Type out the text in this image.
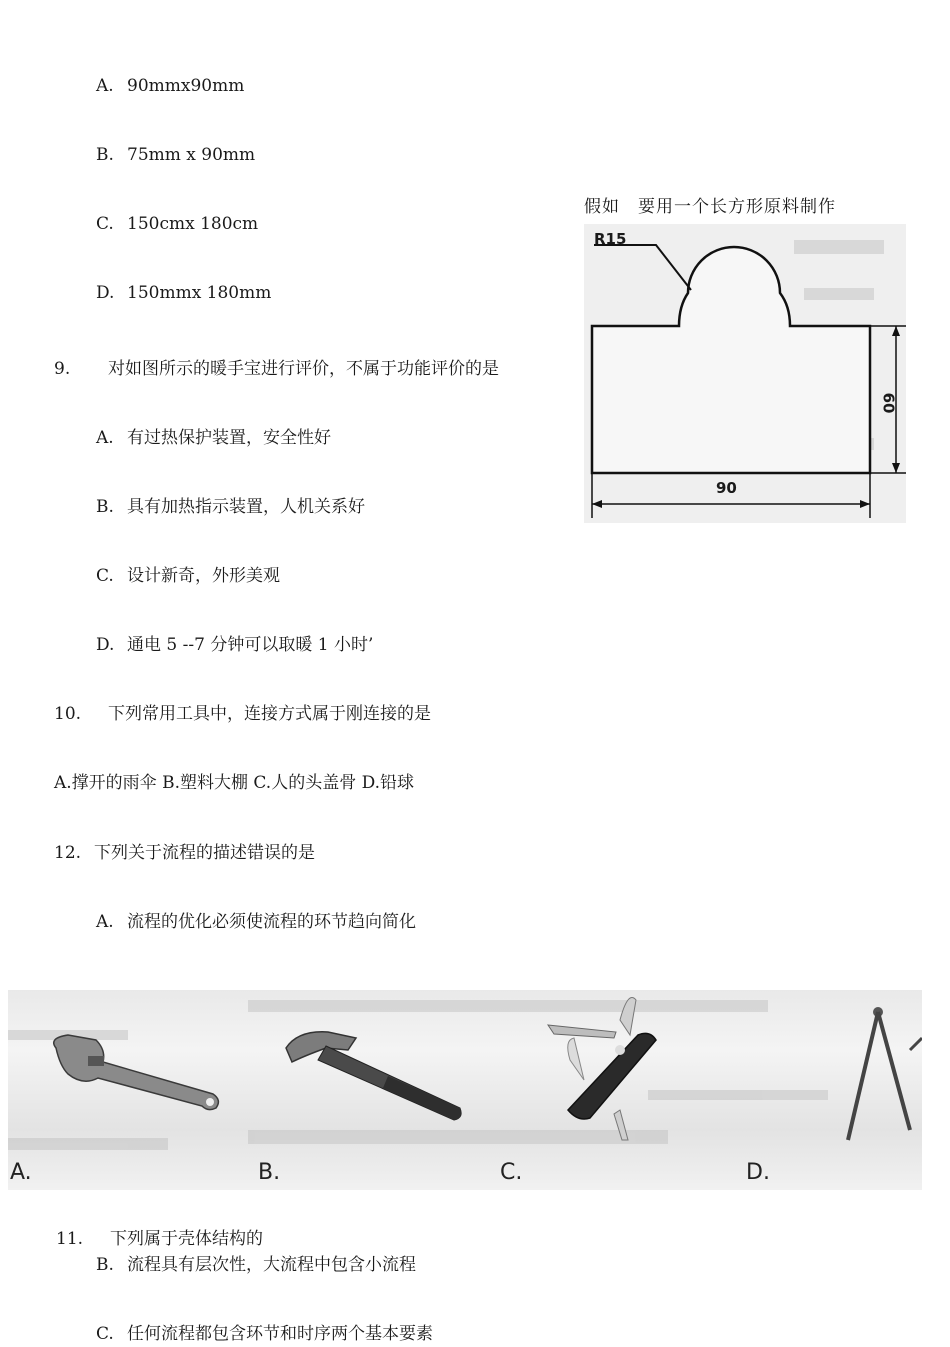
A. 90mmx90mm
B. 75mm x 90mm
C. 150cmx 180cm
D. 150mmx 180mm
假如　要用一个长方形原料制作
R15
60
90
9. 对如图所示的暖手宝进行评价，不属于功能评价的是
A. 有过热保护装置，安全性好
B. 具有加热指示装置，人机关系好
C. 设计新奇，外形美观
D. 通电 5 --7 分钟可以取暖 1 小时’
10. 下列常用工具中，连接方式属于刚连接的是
A.撑开的雨伞 B.塑料大棚 C.人的头盖骨 D.铅球
12. 下列关于流程的描述错误的是
A. 流程的优化必须使流程的环节趋向简化
A.	B.	C.	D.
11. 下列属于壳体结构的
B. 流程具有层次性，大流程中包含小流程
C. 任何流程都包含环节和时序两个基本要素
